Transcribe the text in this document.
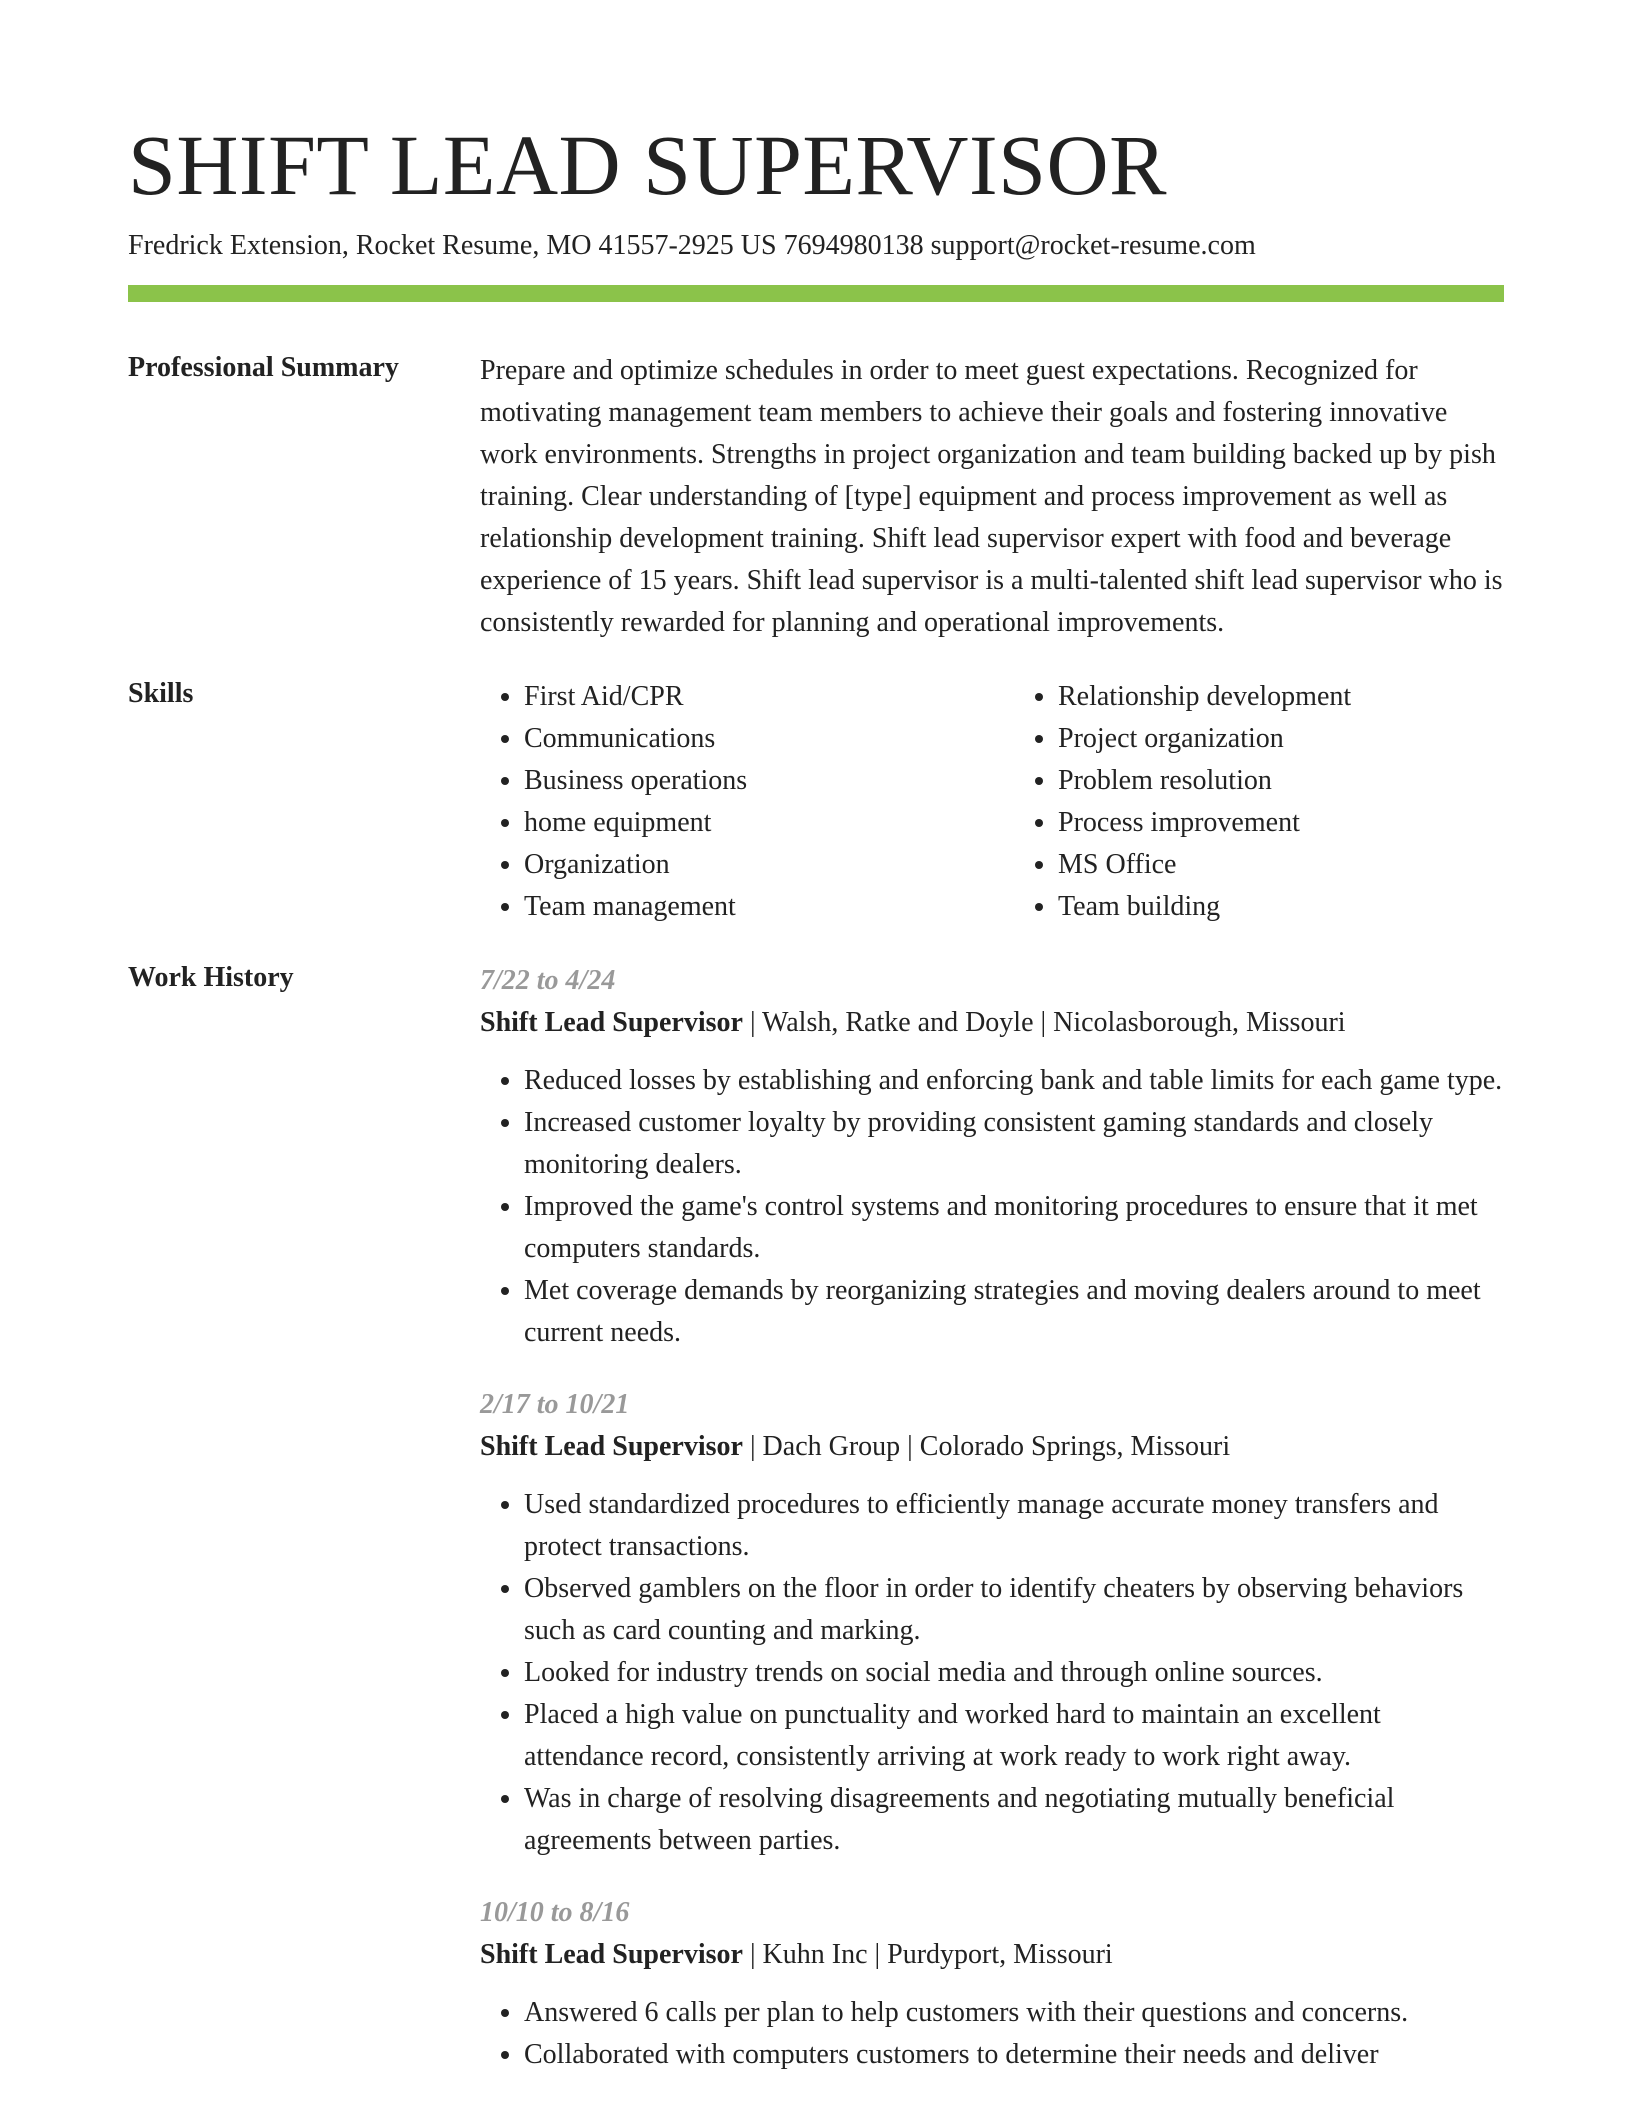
SHIFT LEAD SUPERVISOR
Fredrick Extension, Rocket Resume, MO 41557-2925 US 7694980138 support@rocket-resume.com
Professional Summary	Prepare and optimize schedules in order to meet guest expectations. Recognized for motivating management team members to achieve their goals and fostering innovative work environments. Strengths in project organization and team building backed up by pish training. Clear understanding of [type] equipment and process improvement as well as relationship development training. Shift lead supervisor expert with food and beverage experience of 15 years. Shift lead supervisor is a multi-talented shift lead supervisor who is consistently rewarded for planning and operational improvements.

Skills
•	First Aid/CPR
• Communications
• Business operations
• home equipment
• Organization
• Team management
• Relationship development
• Project organization
• Problem resolution
• Process improvement
• MS Office
• Team building
Work History	7/22 to 4/24
Shift Lead Supervisor | Walsh, Ratke and Doyle | Nicolasborough, Missouri
• Reduced losses by establishing and enforcing bank and table limits for each game type.
• Increased customer loyalty by providing consistent gaming standards and closely monitoring dealers.
• Improved the game's control systems and monitoring procedures to ensure that it met computers standards.
• Met coverage demands by reorganizing strategies and moving dealers around to meet current needs.
2/17 to 10/21
Shift Lead Supervisor | Dach Group | Colorado Springs, Missouri
• Used standardized procedures to efficiently manage accurate money transfers and protect transactions.
• Observed gamblers on the floor in order to identify cheaters by observing behaviors such as card counting and marking.
• Looked for industry trends on social media and through online sources.
• Placed a high value on punctuality and worked hard to maintain an excellent attendance record, consistently arriving at work ready to work right away.
• Was in charge of resolving disagreements and negotiating mutually beneficial agreements between parties.
10/10 to 8/16
Shift Lead Supervisor | Kuhn Inc | Purdyport, Missouri
• Answered 6 calls per plan to help customers with their questions and concerns.
• Collaborated with computers customers to determine their needs and deliver
